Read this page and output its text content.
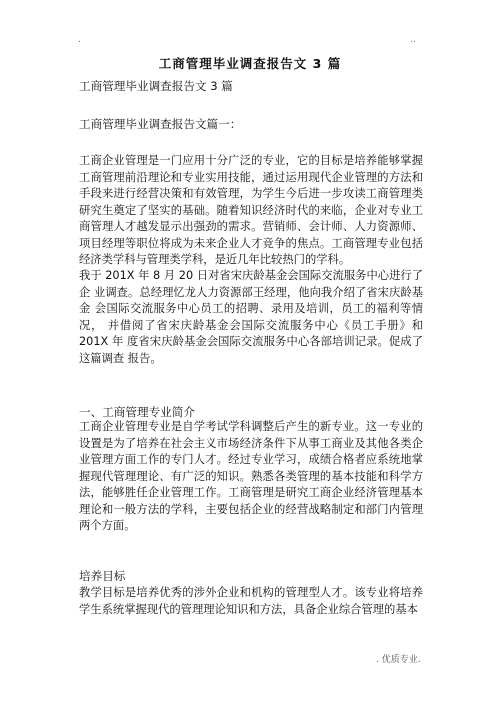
.	..
工商管理毕业调查报告文 3 篇
工商管理毕业调查报告文 3 篇
工商管理毕业调查报告文篇一：

工商企业管理是一门应用十分广泛的专业，它的目标是培养能够掌握工商管理前沿理论和专业实用技能，通过运用现代企业管理的方法和手段来进行经营决策和有效管理，为学生今后进一步攻读工商管理类研究生奠定了坚实的基础。随着知识经济时代的来临，企业对专业工商管理人才越发显示出强劲的需求。营销师、会计师、人力资源师、项目经理等职位将成为未来企业人才竞争的焦点。工商管理专业包括经济类学科与管理类学科，是近几年比较热门的学科。

我于 201X 年 8 月 20 日对省宋庆龄基金会国际交流服务中心进行了企 业调查。总经理忆龙人力资源部王经理，他向我介绍了省宋庆龄基金 会国际交流服务中心员工的招聘、录用及培训，员工的福利等情况， 并借阅了省宋庆龄基金会国际交流服务中心《员工手册》和 201X 年 度省宋庆龄基金会国际交流服务中心各部培训记录。促成了这篇调查 报告。

一、工商管理专业简介

工商企业管理专业是自学考试学科调整后产生的新专业。这一专业的设置是为了培养在社会主义市场经济条件下从事工商业及其他各类企业管理方面工作的专门人才。经过专业学习，成绩合格者应系统地掌握现代管理理论、有广泛的知识。熟悉各类管理的基本技能和科学方法，能够胜任企业管理工作。工商管理是研究工商企业经济管理基本理论和一般方法的学科，主要包括企业的经营战略制定和部门内管理两个方面。

培养目标

教学目标是培养优秀的涉外企业和机构的管理型人才。该专业将培养学生系统掌握现代的管理理论知识和方法，具备企业综合管理的基本

. 优质专业.
